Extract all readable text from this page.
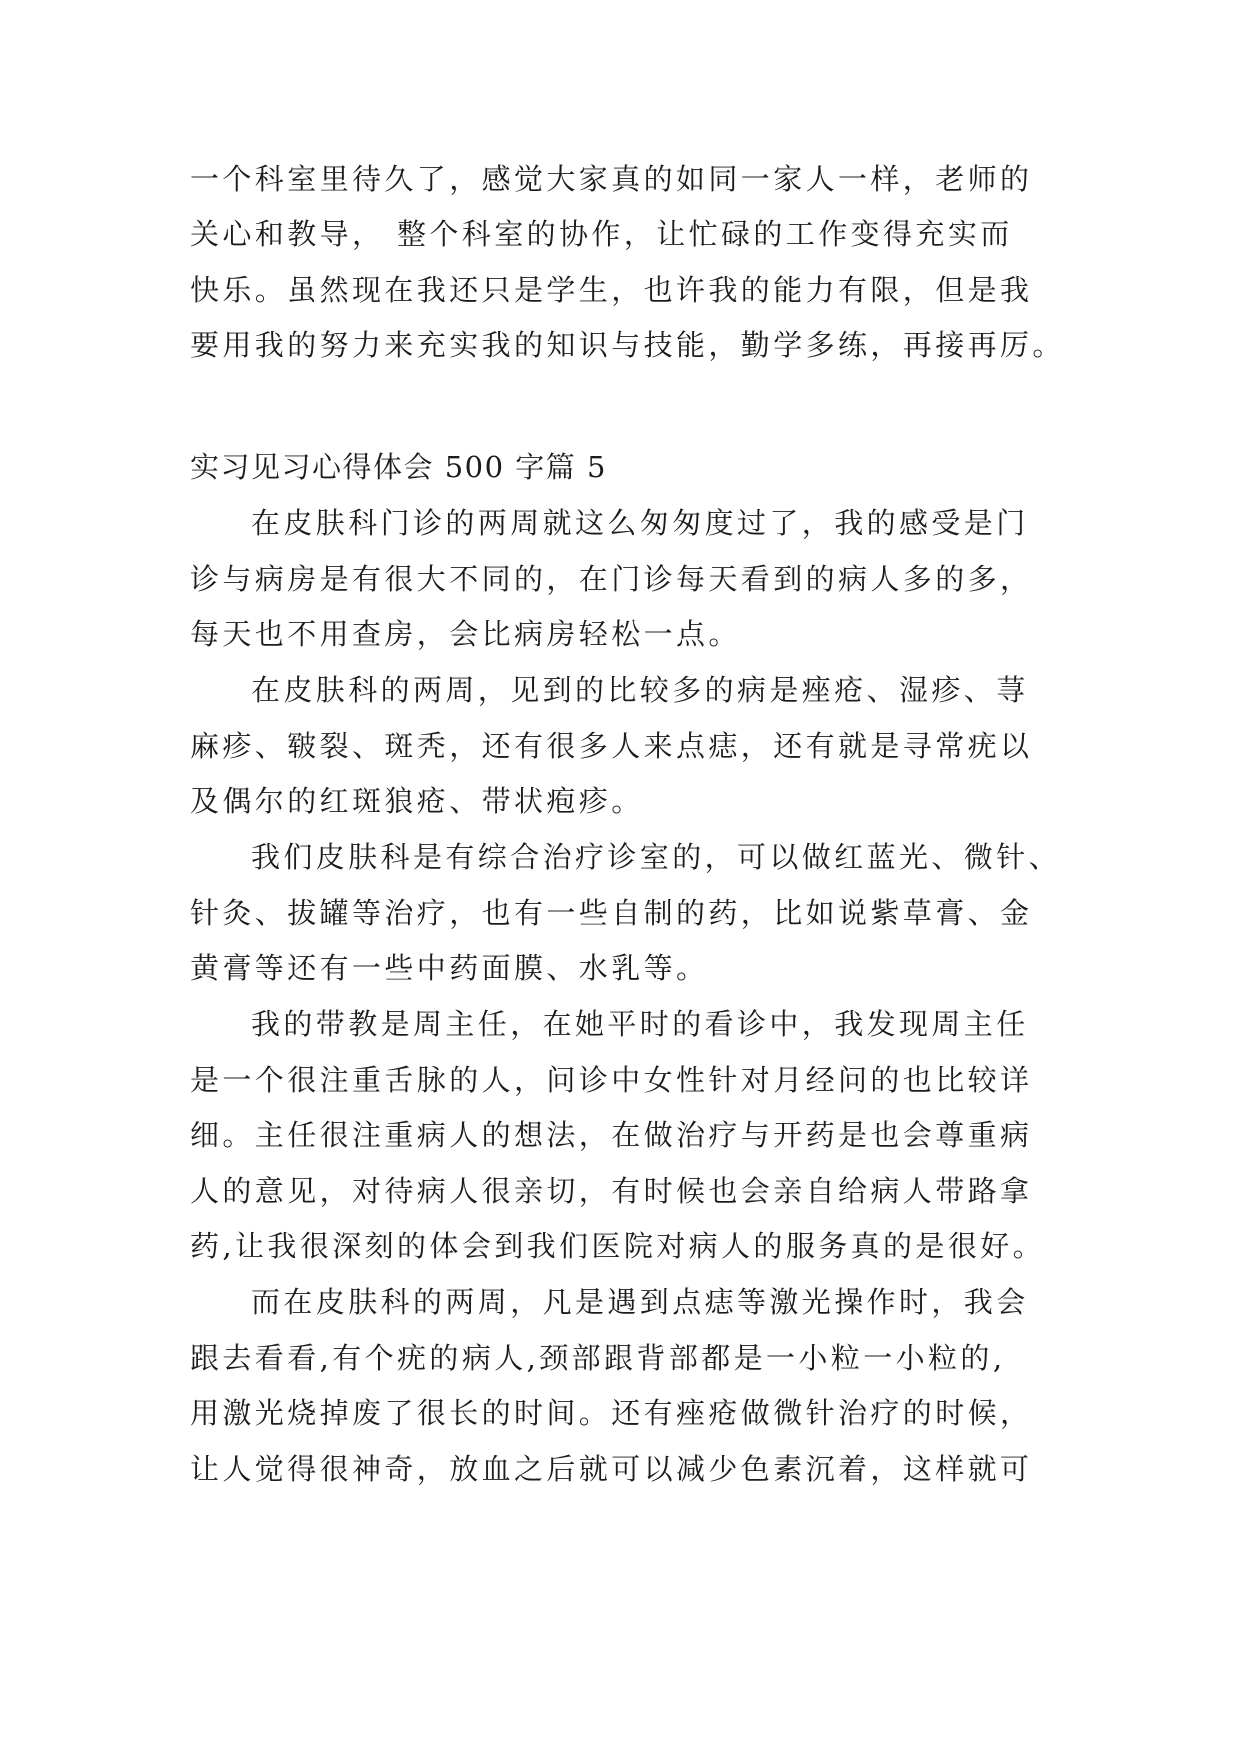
一个科室里待久了，感觉大家真的如同一家人一样，老师的

关心和教导， 整个科室的协作，让忙碌的工作变得充实而

快乐。虽然现在我还只是学生，也许我的能力有限，但是我

要用我的努力来充实我的知识与技能，勤学多练，再接再厉。

实习见习心得体会 500 字篇 5

在皮肤科门诊的两周就这么匆匆度过了，我的感受是门

诊与病房是有很大不同的，在门诊每天看到的病人多的多，

每天也不用查房，会比病房轻松一点。

在皮肤科的两周，见到的比较多的病是痤疮、湿疹、荨

麻疹、皲裂、斑秃，还有很多人来点痣，还有就是寻常疣以

及偶尔的红斑狼疮、带状疱疹。

我们皮肤科是有综合治疗诊室的，可以做红蓝光、微针、

针灸、拔罐等治疗，也有一些自制的药，比如说紫草膏、金

黄膏等还有一些中药面膜、水乳等。

我的带教是周主任，在她平时的看诊中，我发现周主任

是一个很注重舌脉的人，问诊中女性针对月经问的也比较详

细。主任很注重病人的想法，在做治疗与开药是也会尊重病

人的意见，对待病人很亲切，有时候也会亲自给病人带路拿

药,让我很深刻的体会到我们医院对病人的服务真的是很好。

而在皮肤科的两周，凡是遇到点痣等激光操作时，我会

跟去看看,有个疣的病人,颈部跟背部都是一小粒一小粒的,

用激光烧掉废了很长的时间。还有痤疮做微针治疗的时候，

让人觉得很神奇，放血之后就可以减少色素沉着，这样就可
